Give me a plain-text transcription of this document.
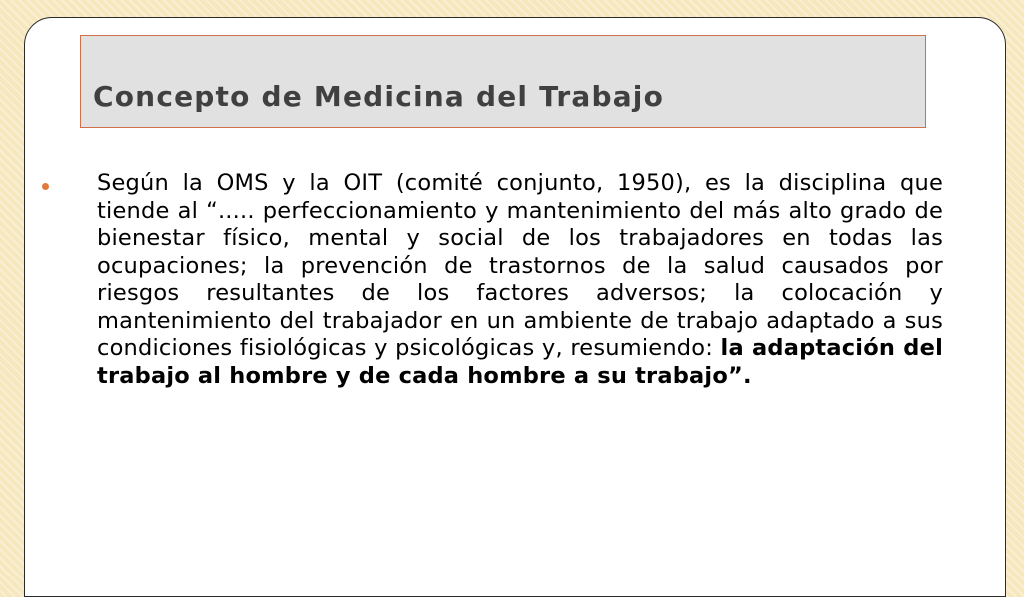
Concepto de Medicina del Trabajo

Según la OMS y la OIT (comité conjunto, 1950), es la disciplina que tiende al “..... perfeccionamiento y mantenimiento del más alto grado de bienestar físico, mental y social de los trabajadores en todas las ocupaciones; la prevención de trastornos de la salud causados por riesgos resultantes de los factores adversos; la colocación y mantenimiento del trabajador en un ambiente de trabajo adaptado a sus condiciones fisiológicas y psicológicas y, resumiendo: la adaptación del trabajo al hombre y de cada hombre a su trabajo”.
